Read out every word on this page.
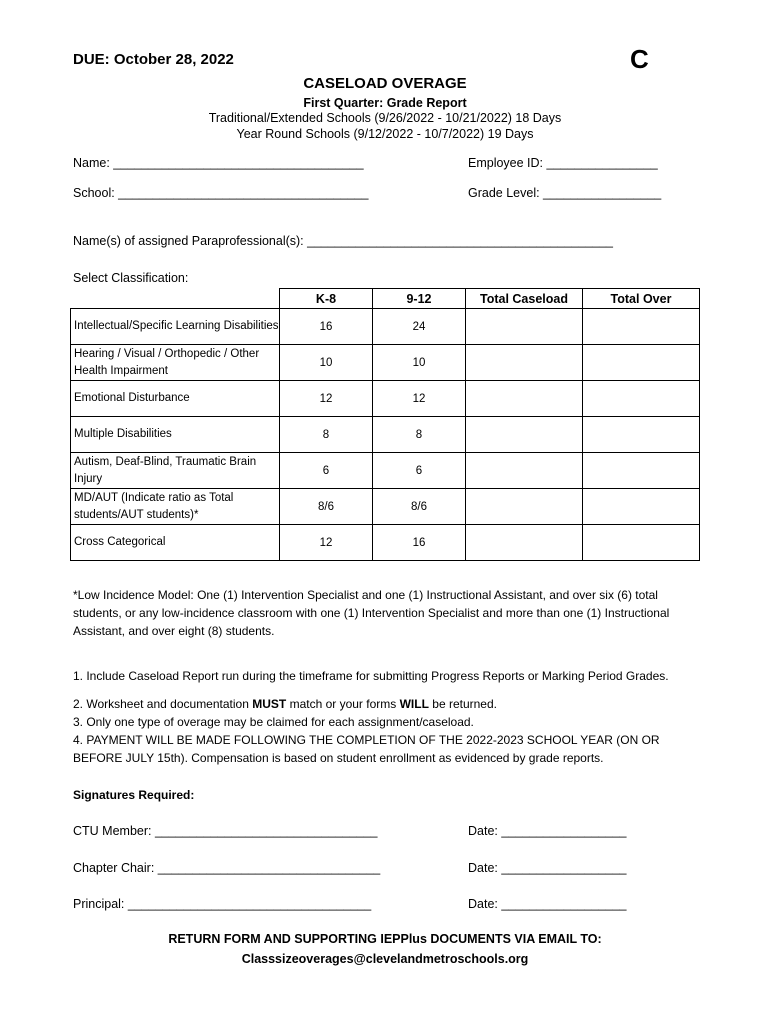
DUE: October 28, 2022	C
CASELOAD OVERAGE
First Quarter: Grade Report
Traditional/Extended Schools (9/26/2022 - 10/21/2022) 18 Days
Year Round Schools (9/12/2022 - 10/7/2022) 19 Days
Name: ____________________________________	Employee ID: ________________
School: ____________________________________	Grade Level: _________________
Name(s) of assigned Paraprofessional(s): ____________________________________________
Select Classification:
	K-8	9-12	Total Caseload	Total Over
Intellectual/Specific Learning Disabilities	16	24		
Hearing / Visual / Orthopedic / Other Health Impairment	10	10		
Emotional Disturbance	12	12		
Multiple Disabilities	8	8		
Autism, Deaf-Blind, Traumatic Brain Injury	6	6		
MD/AUT (Indicate ratio as Total students/AUT students)*	8/6	8/6		
Cross Categorical	12	16		
*Low Incidence Model: One (1) Intervention Specialist and one (1) Instructional Assistant, and over six (6) total students, or any low-incidence classroom with one (1) Intervention Specialist and more than one (1) Instructional Assistant, and over eight (8) students.
1. Include Caseload Report run during the timeframe for submitting Progress Reports or Marking Period Grades.
2. Worksheet and documentation MUST match or your forms WILL be returned.
3. Only one type of overage may be claimed for each assignment/caseload.
4. PAYMENT WILL BE MADE FOLLOWING THE COMPLETION OF THE 2022-2023 SCHOOL YEAR (ON OR BEFORE JULY 15th). Compensation is based on student enrollment as evidenced by grade reports.
Signatures Required:
CTU Member: ________________________________	Date: __________________
Chapter Chair: ________________________________	Date: __________________
Principal: ___________________________________	Date: __________________
RETURN FORM AND SUPPORTING IEPPlus DOCUMENTS VIA EMAIL TO:
Classsizeoverages@clevelandmetroschools.org
